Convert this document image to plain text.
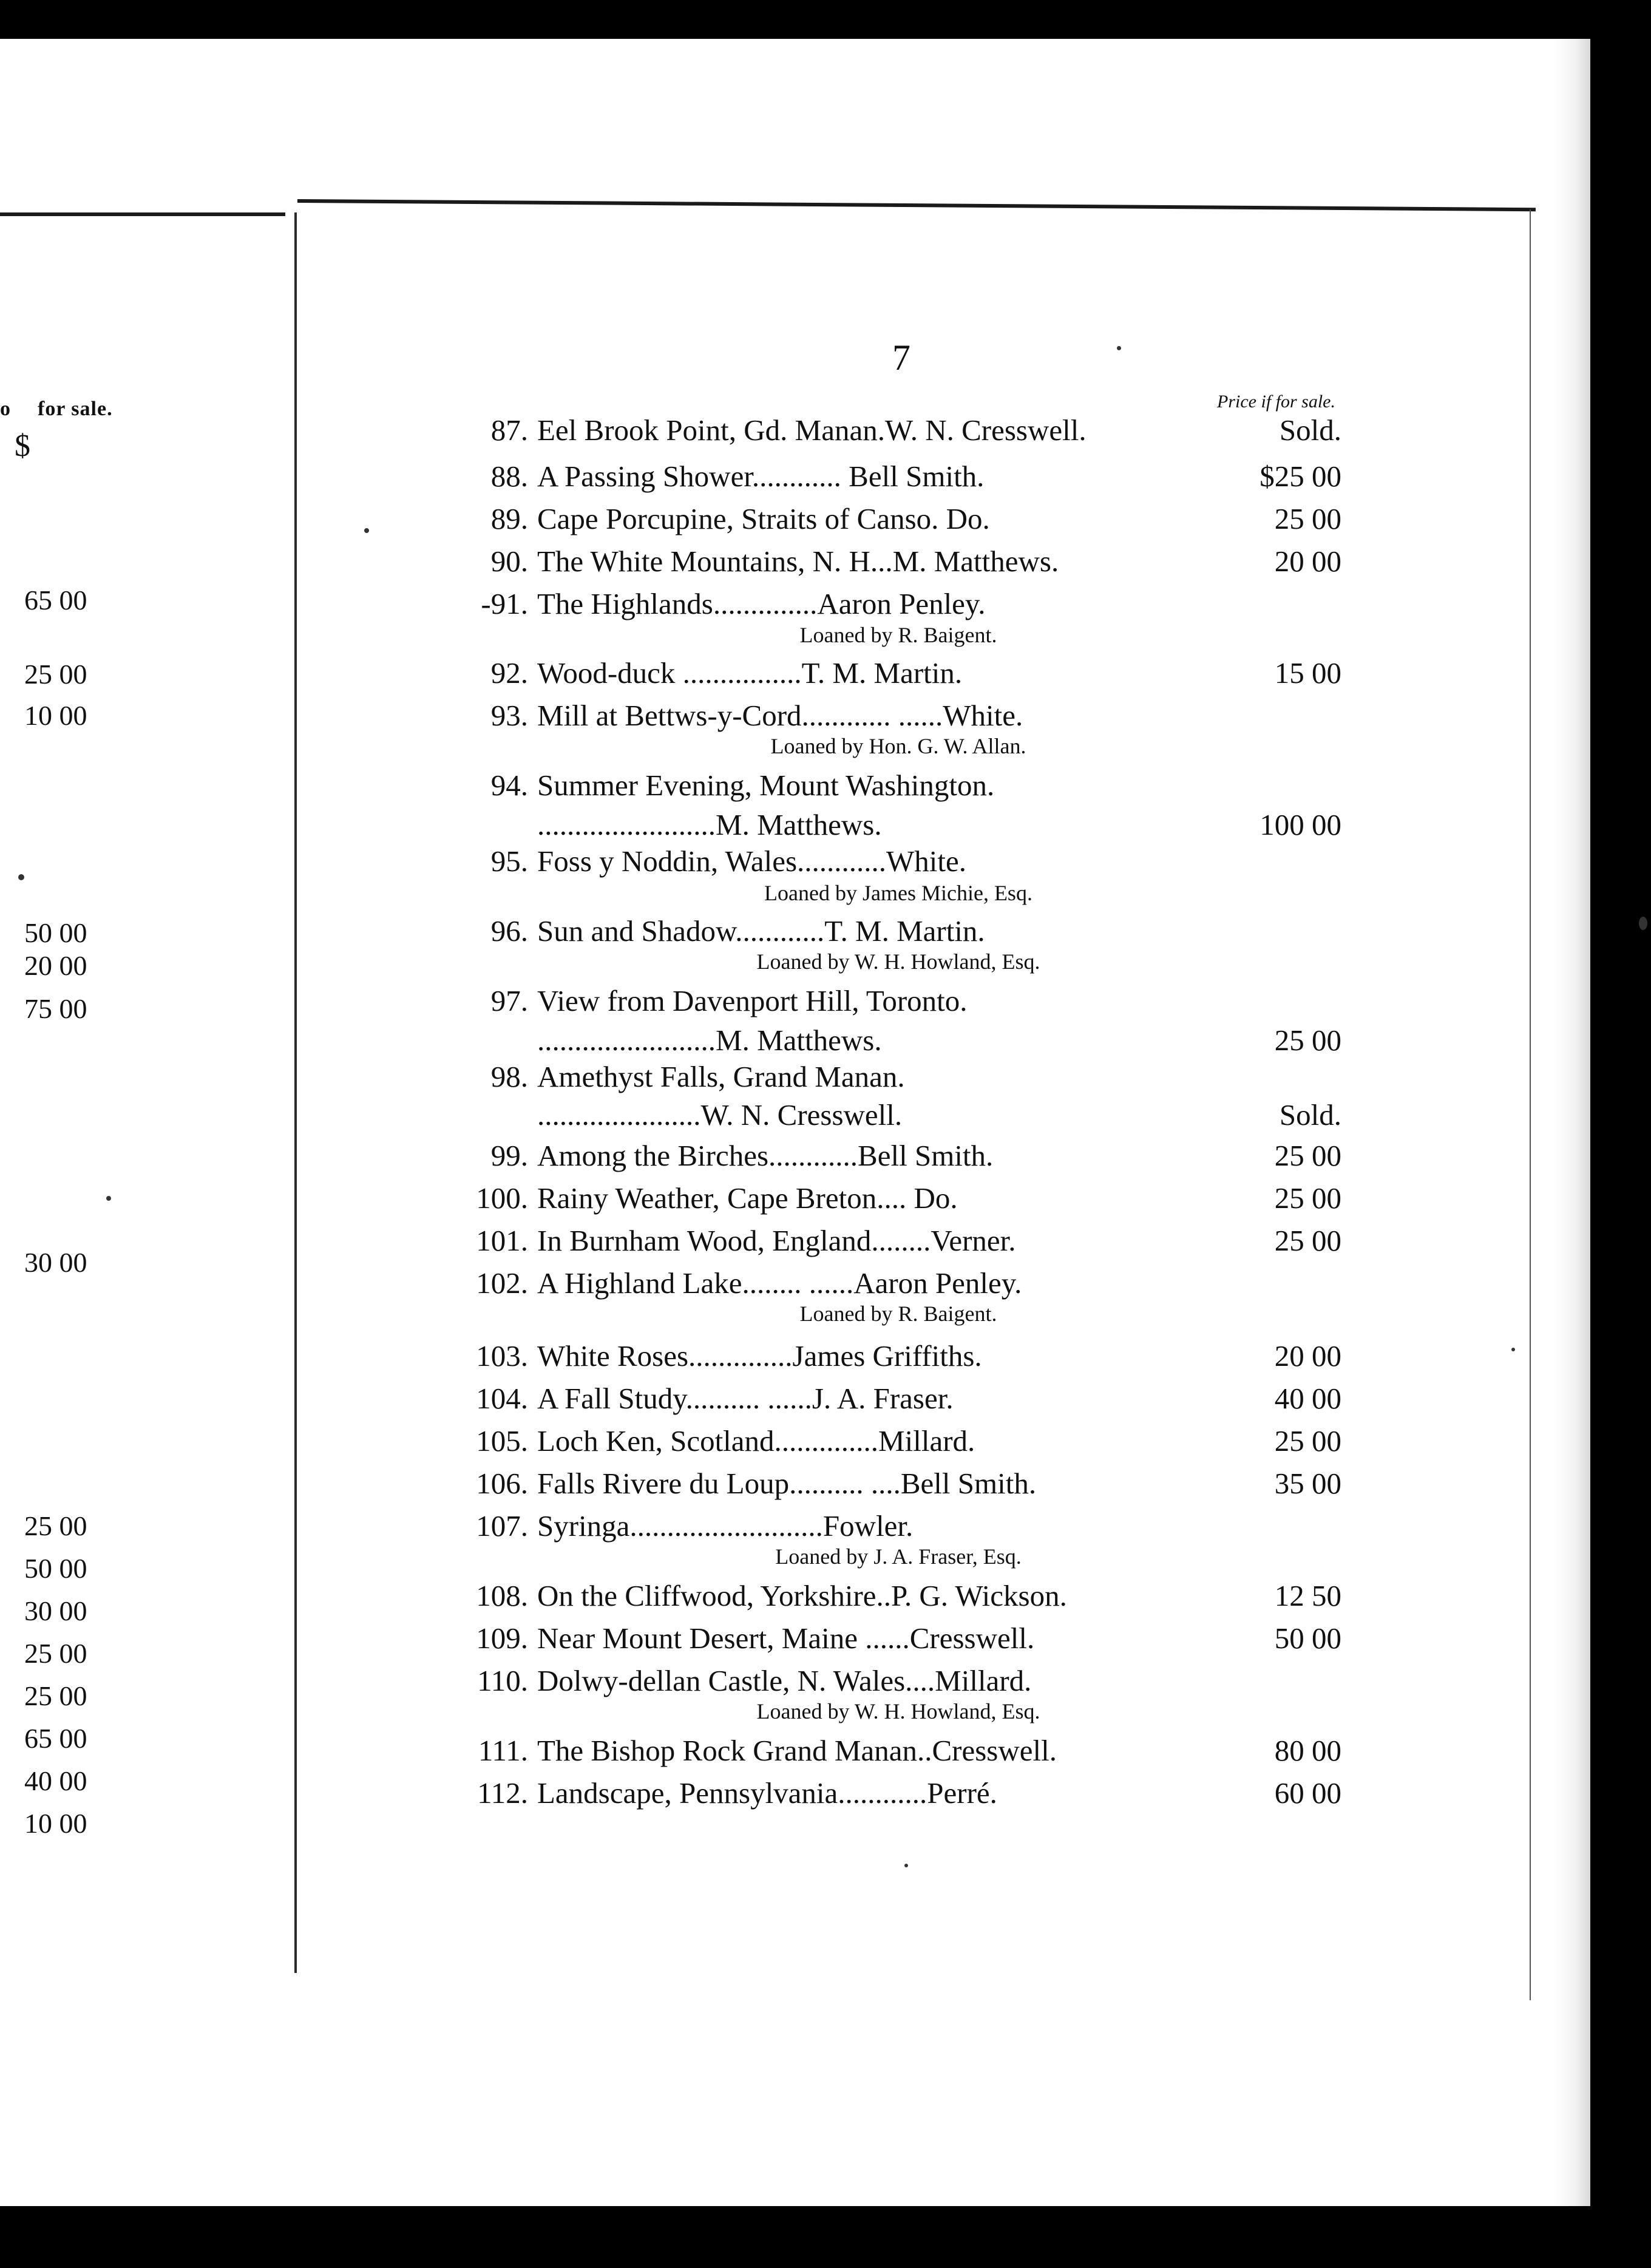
o for sale.
$
65 00
25 00
10 00
50 00
20 00
75 00
30 00
25 00
50 00
30 00
25 00
25 00
65 00
40 00
10 00
7
Price if for sale.
87. Eel Brook Point, Gd. Manan.W. N. Cresswell.	Sold.
88. A Passing Shower............ Bell Smith.	$25 00
89. Cape Porcupine, Straits of Canso. Do.	25 00
90. The White Mountains, N. H...M. Matthews.	20 00
-91. The Highlands..............Aaron Penley.
Loaned by R. Baigent.
92. Wood-duck ................T. M. Martin.	15 00
93. Mill at Bettws-y-Cord............ ......White.
Loaned by Hon. G. W. Allan.
94. Summer Evening, Mount Washington.
........................M. Matthews.	100 00
95. Foss y Noddin, Wales............White.
Loaned by James Michie, Esq.
96. Sun and Shadow............T. M. Martin.
Loaned by W. H. Howland, Esq.
97. View from Davenport Hill, Toronto.
........................M. Matthews.	25 00
98. Amethyst Falls, Grand Manan.
......................W. N. Cresswell.	Sold.
99. Among the Birches............Bell Smith.	25 00
100. Rainy Weather, Cape Breton.... Do.	25 00
101. In Burnham Wood, England........Verner.	25 00
102. A Highland Lake........ ......Aaron Penley.
Loaned by R. Baigent.
103. White Roses..............James Griffiths.	20 00
104. A Fall Study.......... ......J. A. Fraser.	40 00
105. Loch Ken, Scotland..............Millard.	25 00
106. Falls Rivere du Loup.......... ....Bell Smith.	35 00
107. Syringa..........................Fowler.
Loaned by J. A. Fraser, Esq.
108. On the Cliffwood, Yorkshire..P. G. Wickson.	12 50
109. Near Mount Desert, Maine ......Cresswell.	50 00
110. Dolwy-dellan Castle, N. Wales....Millard.
Loaned by W. H. Howland, Esq.
111. The Bishop Rock Grand Manan..Cresswell.	80 00
112. Landscape, Pennsylvania............Perré.	60 00
